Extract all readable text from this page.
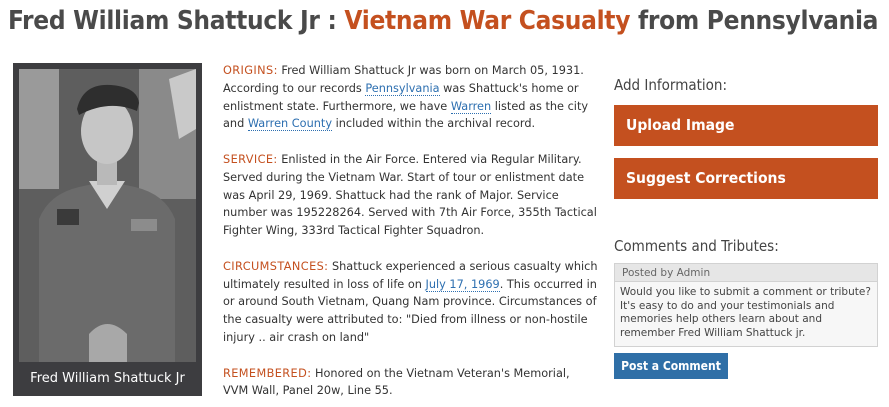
Fred William Shattuck Jr : Vietnam War Casualty from Pennsylvania
Fred William Shattuck Jr

ORIGINS: Fred William Shattuck Jr was born on March 05, 1931. According to our records Pennsylvania was Shattuck's home or enlistment state. Furthermore, we have Warren listed as the city and Warren County included within the archival record.

SERVICE: Enlisted in the Air Force. Entered via Regular Military. Served during the Vietnam War. Start of tour or enlistment date was April 29, 1969. Shattuck had the rank of Major. Service number was 195228264. Served with 7th Air Force, 355th Tactical Fighter Wing, 333rd Tactical Fighter Squadron.

CIRCUMSTANCES: Shattuck experienced a serious casualty which ultimately resulted in loss of life on July 17, 1969. This occurred in or around South Vietnam, Quang Nam province. Circumstances of the casualty were attributed to: "Died from illness or non-hostile injury .. air crash on land"

REMEMBERED: Honored on the Vietnam Veteran's Memorial, VVM Wall, Panel 20w, Line 55.

Add Information:
Upload Image
Suggest Corrections
Comments and Tributes:
Posted by Admin
Would you like to submit a comment or tribute? It's easy to do and your testimonials and memories help others learn about and remember Fred William Shattuck jr.
Post a Comment
